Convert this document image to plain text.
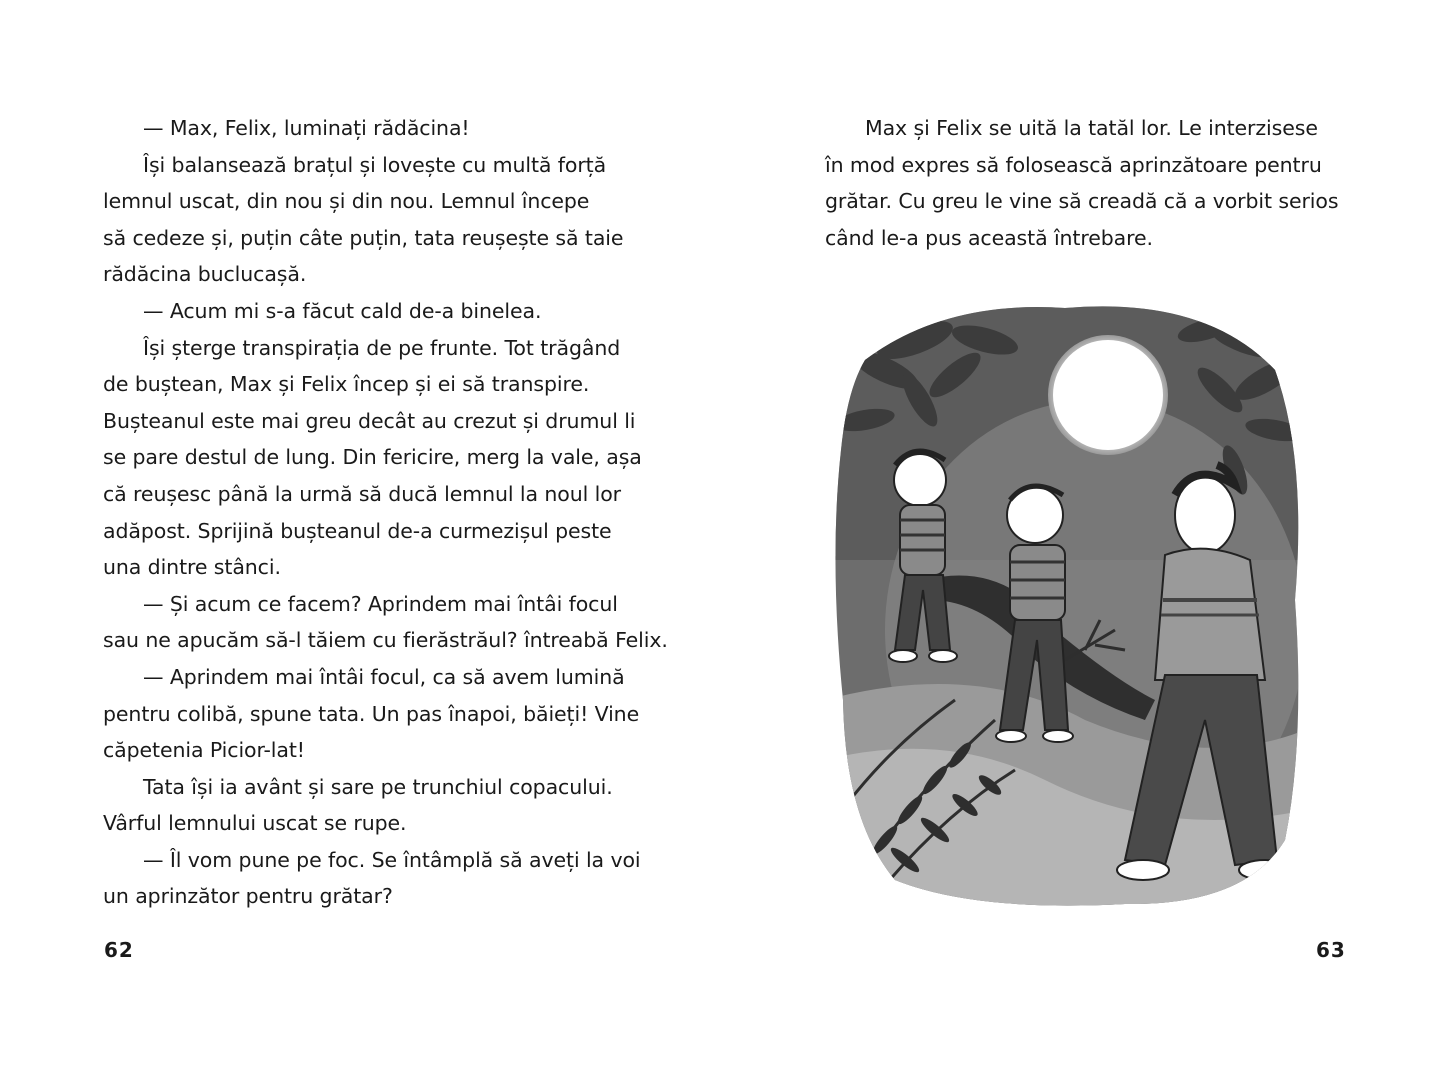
— Max, Felix, luminați rădăcina!
Își balansează brațul și lovește cu multă forță
lemnul uscat, din nou și din nou. Lemnul începe
să cedeze și, puțin câte puțin, tata reușește să taie
rădăcina buclucașă.
— Acum mi s-a făcut cald de-a binelea.
Își șterge transpirația de pe frunte. Tot trăgând
de buștean, Max și Felix încep și ei să transpire.
Bușteanul este mai greu decât au crezut și drumul li
se pare destul de lung. Din fericire, merg la vale, așa
că reușesc până la urmă să ducă lemnul la noul lor
adăpost. Sprijină bușteanul de-a curmezișul peste
una dintre stânci.
— Și acum ce facem? Aprindem mai întâi focul
sau ne apucăm să-l tăiem cu fierăstrăul? întreabă Felix.
— Aprindem mai întâi focul, ca să avem lumină
pentru colibă, spune tata. Un pas înapoi, băieți! Vine
căpetenia Picior-lat!
Tata își ia avânt și sare pe trunchiul copacului.
Vârful lemnului uscat se rupe.
— Îl vom pune pe foc. Se întâmplă să aveți la voi
un aprinzător pentru grătar?
62
Max și Felix se uită la tatăl lor. Le interzisese
în mod expres să folosească aprinzătoare pentru
grătar. Cu greu le vine să creadă că a vorbit serios
când le-a pus această întrebare.
63
